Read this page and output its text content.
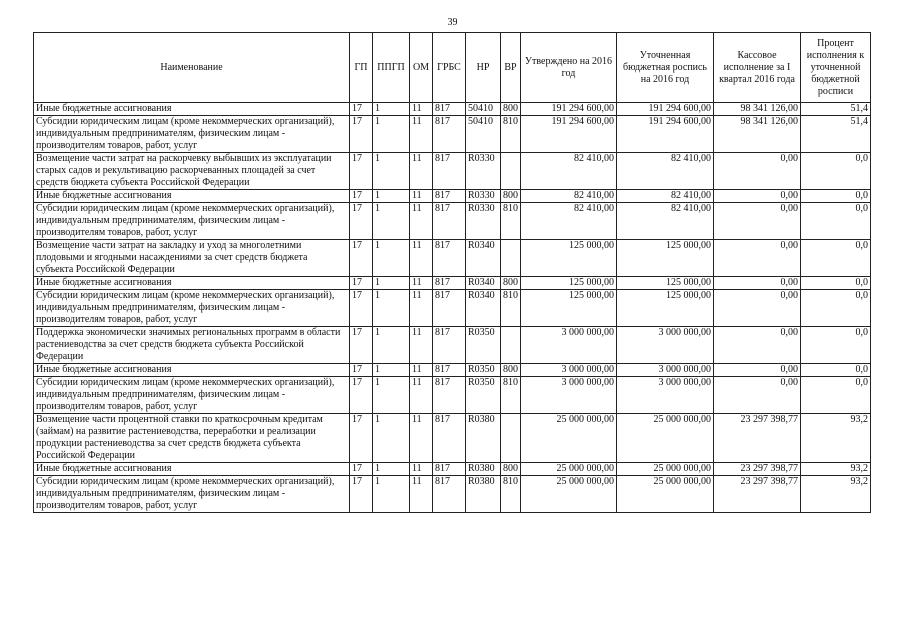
39
Наименование	ГП	ППГП	ОМ	ГРБС	НР	ВР	Утверждено на 2016 год	Уточненная бюджетная роспись на 2016 год	Кассовое исполнение за I квартал 2016 года	Процент исполнения к уточненной бюджетной росписи
Иные бюджетные ассигнования	17	1	11	817	50410	800	191 294 600,00	191 294 600,00	98 341 126,00	51,4
Субсидии юридическим лицам (кроме некоммерческих организаций), индивидуальным предпринимателям, физическим лицам - производителям товаров, работ, услуг	17	1	11	817	50410	810	191 294 600,00	191 294 600,00	98 341 126,00	51,4
Возмещение части затрат на раскорчевку выбывших из эксплуатации старых садов и рекультивацию раскорчеванных площадей за счет средств бюджета субъекта Российской Федерации	17	1	11	817	R0330		82 410,00	82 410,00	0,00	0,0
Иные бюджетные ассигнования	17	1	11	817	R0330	800	82 410,00	82 410,00	0,00	0,0
Субсидии юридическим лицам (кроме некоммерческих организаций), индивидуальным предпринимателям, физическим лицам - производителям товаров, работ, услуг	17	1	11	817	R0330	810	82 410,00	82 410,00	0,00	0,0
Возмещение части затрат на закладку и уход за многолетними плодовыми и ягодными насаждениями за счет средств бюджета субъекта Российской Федерации	17	1	11	817	R0340		125 000,00	125 000,00	0,00	0,0
Иные бюджетные ассигнования	17	1	11	817	R0340	800	125 000,00	125 000,00	0,00	0,0
Субсидии юридическим лицам (кроме некоммерческих организаций), индивидуальным предпринимателям, физическим лицам - производителям товаров, работ, услуг	17	1	11	817	R0340	810	125 000,00	125 000,00	0,00	0,0
Поддержка экономически значимых региональных программ в области растениеводства за счет средств бюджета субъекта Российской Федерации	17	1	11	817	R0350		3 000 000,00	3 000 000,00	0,00	0,0
Иные бюджетные ассигнования	17	1	11	817	R0350	800	3 000 000,00	3 000 000,00	0,00	0,0
Субсидии юридическим лицам (кроме некоммерческих организаций), индивидуальным предпринимателям, физическим лицам - производителям товаров, работ, услуг	17	1	11	817	R0350	810	3 000 000,00	3 000 000,00	0,00	0,0
Возмещение части процентной ставки по краткосрочным кредитам (займам) на развитие растениеводства, переработки и реализации продукции растениеводства за счет средств бюджета субъекта Российской Федерации	17	1	11	817	R0380		25 000 000,00	25 000 000,00	23 297 398,77	93,2
Иные бюджетные ассигнования	17	1	11	817	R0380	800	25 000 000,00	25 000 000,00	23 297 398,77	93,2
Субсидии юридическим лицам (кроме некоммерческих организаций), индивидуальным предпринимателям, физическим лицам - производителям товаров, работ, услуг	17	1	11	817	R0380	810	25 000 000,00	25 000 000,00	23 297 398,77	93,2
